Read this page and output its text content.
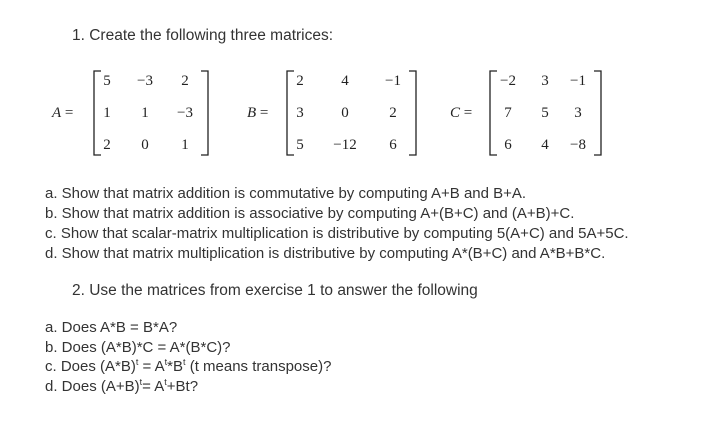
1. Create the following three matrices:
A =
5	−3	2
1	1	−3
2	0	1
B =
2	4	−1
3	0	2
5	−12	6
C =
−2	3	−1
7	5	3
6	4	−8
a. Show that matrix addition is commutative by computing A+B and B+A.
b. Show that matrix addition is associative by computing A+(B+C) and (A+B)+C.
c. Show that scalar-matrix multiplication is distributive by computing 5(A+C) and 5A+5C.
d. Show that matrix multiplication is distributive by computing A*(B+C) and A*B+B*C.
2. Use the matrices from exercise 1 to answer the following
a. Does A*B = B*A?
b. Does (A*B)*C = A*(B*C)?
c. Does $(A*B)^t = A^t*B^t$ (t means transpose)?
d. Does $(A+B)^t= A^t+Bt$?
